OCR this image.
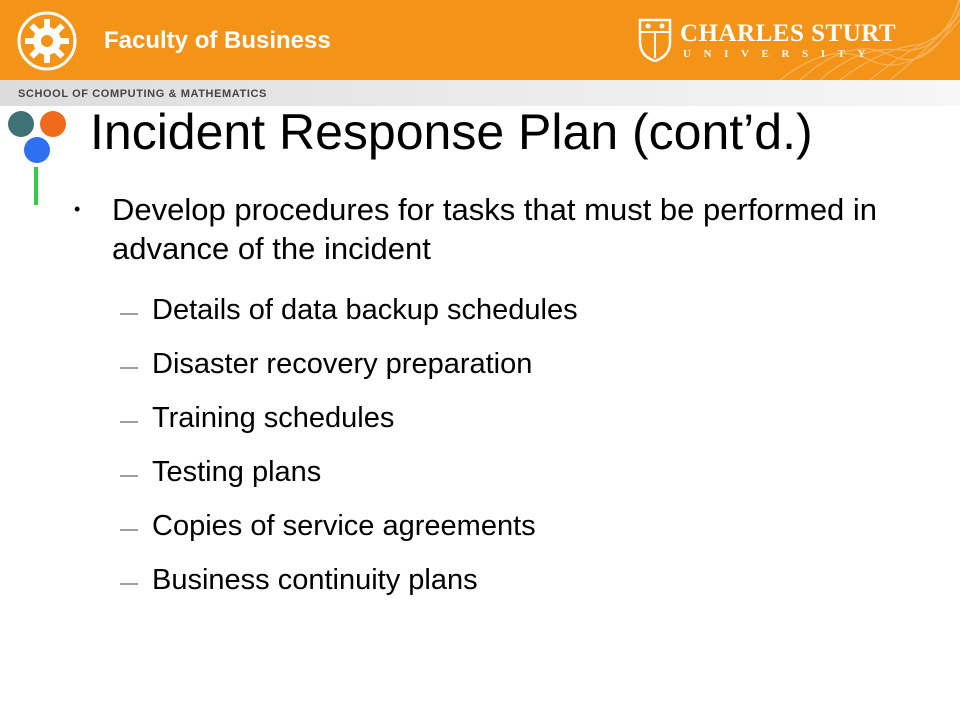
Faculty of Business	CHARLES STURT
UNIVERSITY
SCHOOL OF COMPUTING & MATHEMATICS
Incident Response Plan (cont’d.)
• Develop procedures for tasks that must be performed in advance of the incident
Details of data backup schedules
Disaster recovery preparation
Training schedules
Testing plans
Copies of service agreements
Business continuity plans
